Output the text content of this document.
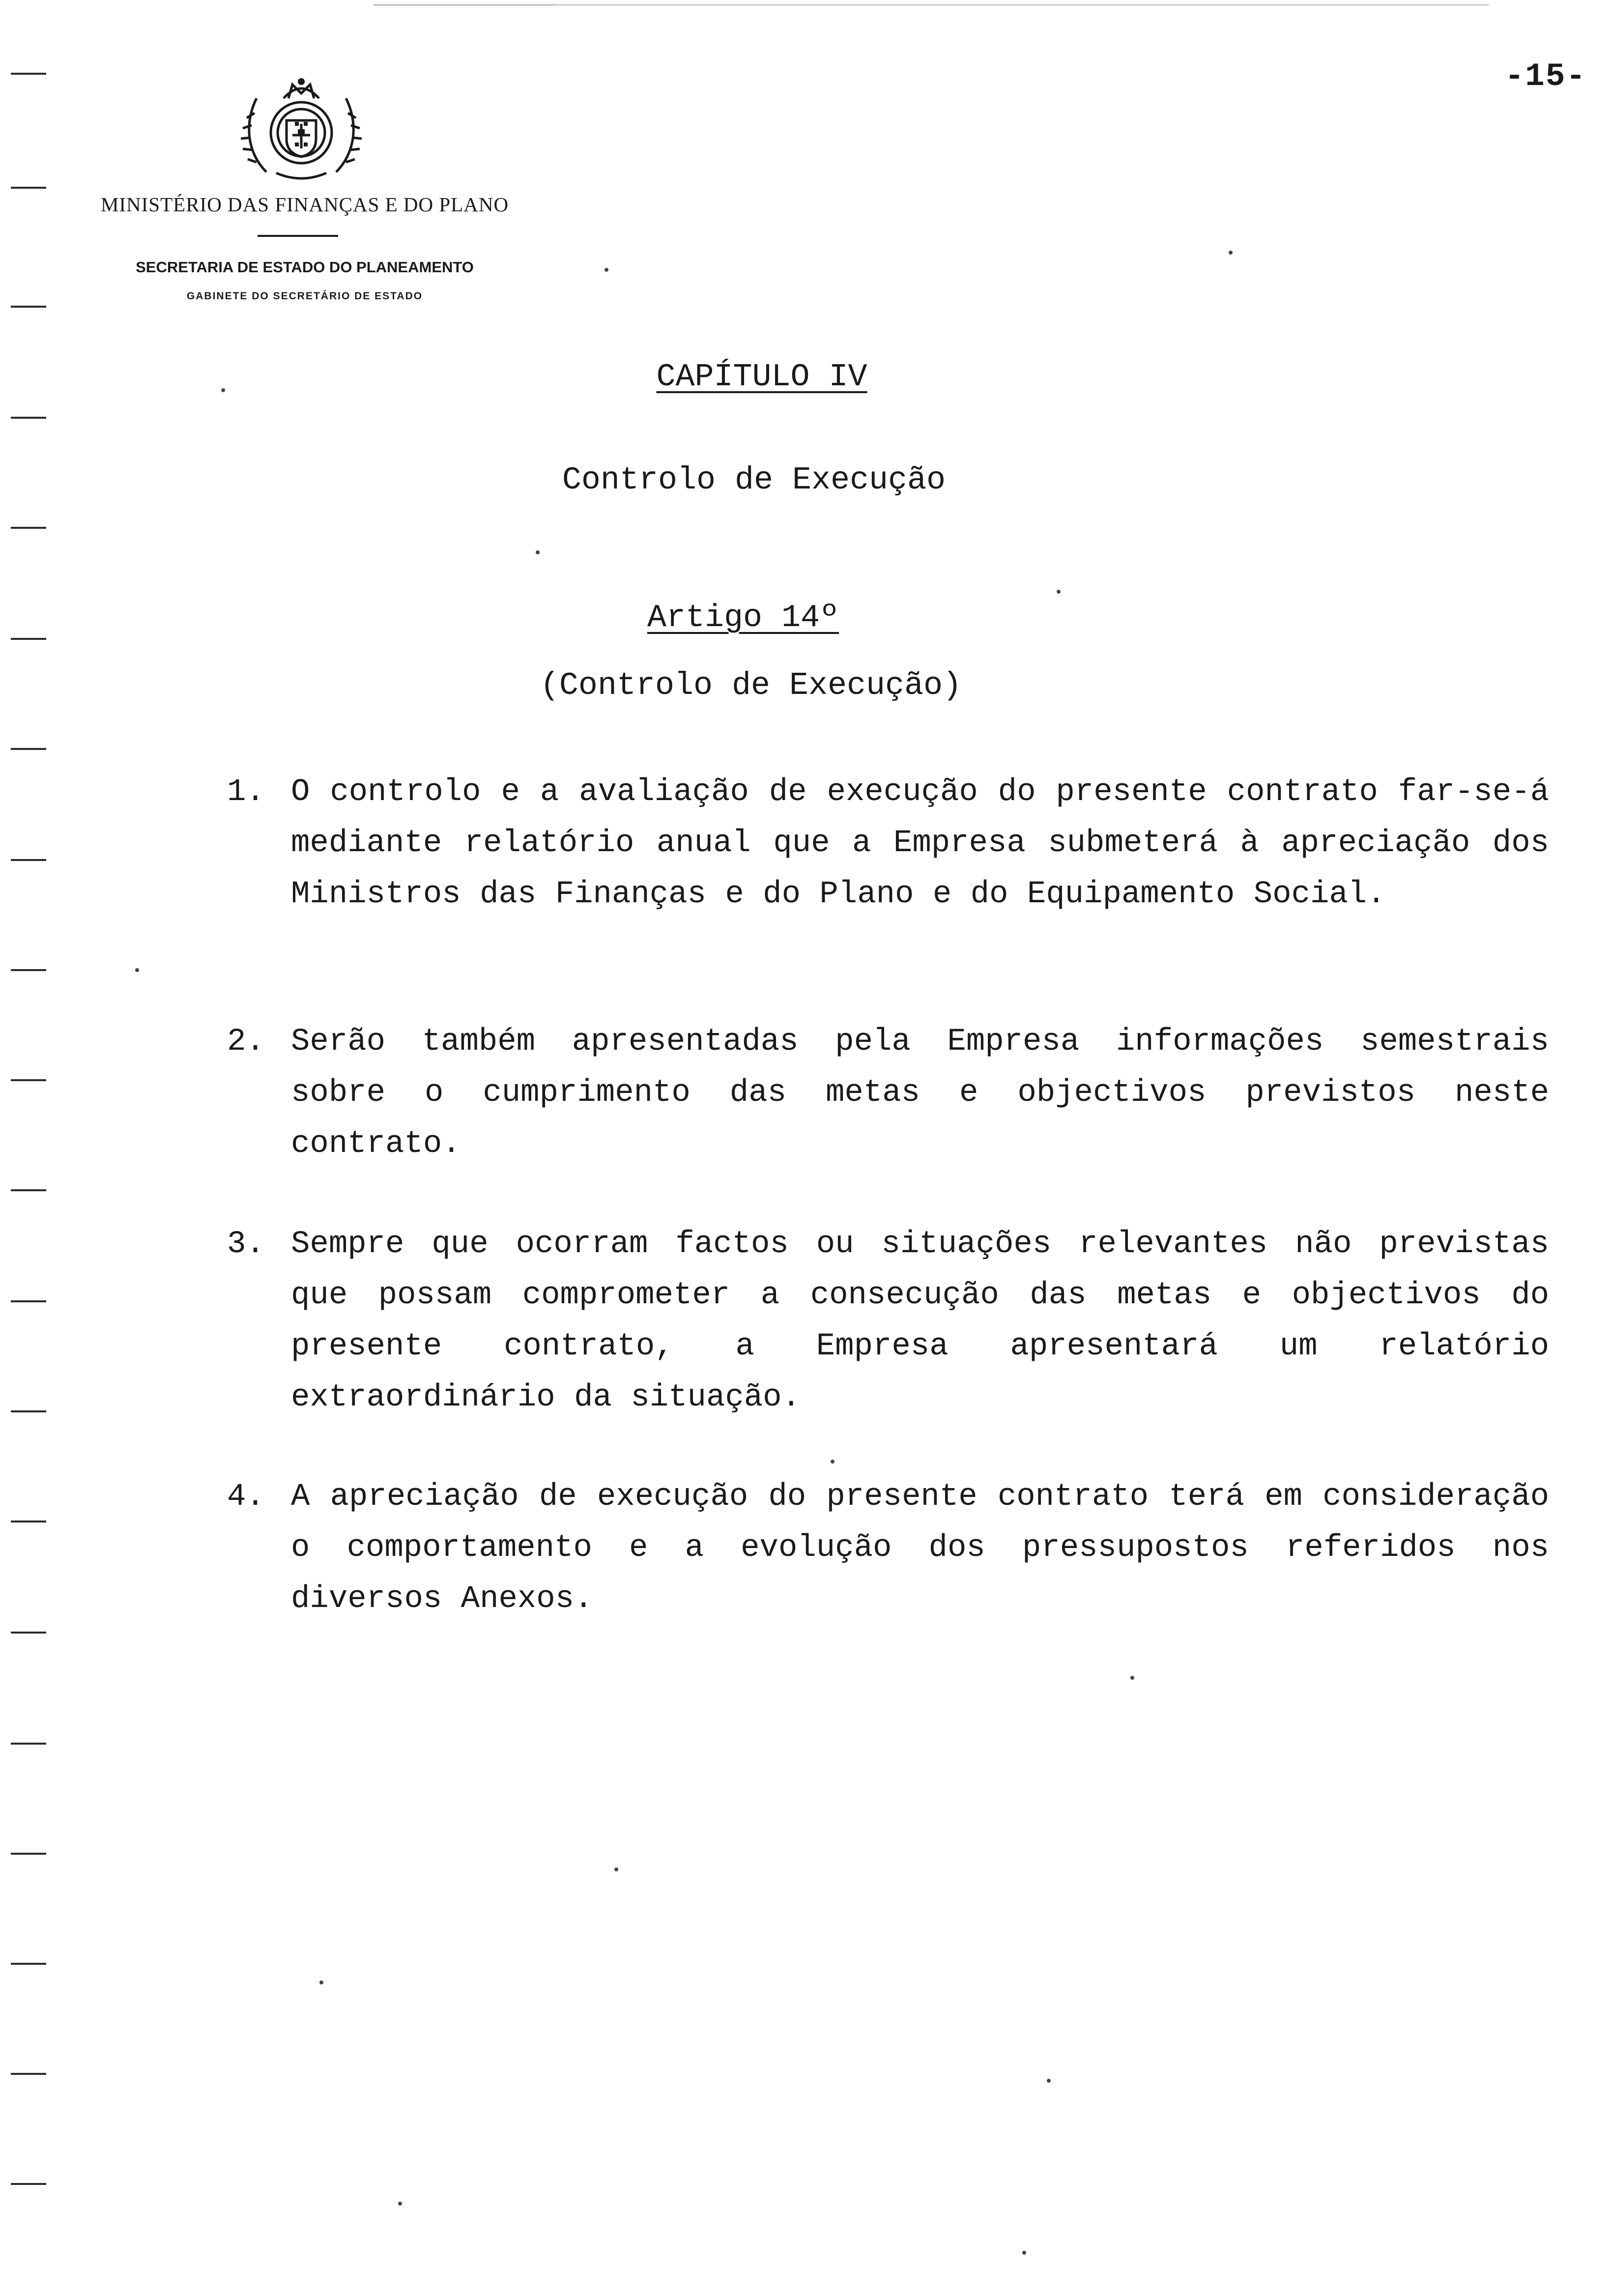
-15-
MINISTÉRIO DAS FINANÇAS E DO PLANO
SECRETARIA DE ESTADO DO PLANEAMENTO
GABINETE DO SECRETÁRIO DE ESTADO
CAPÍTULO IV
Controlo de Execução
Artigo 14º
(Controlo de Execução)
1. O controlo e a avaliação de execução do presente contrato far-se-á mediante relatório anual que a Empresa submeterá à apreciação dos Ministros das Finanças e do Plano e do Equipamento Social.
2. Serão também apresentadas pela Empresa informações semestrais sobre o cumprimento das metas e objectivos previstos neste contrato.
3. Sempre que ocorram factos ou situações relevantes não previstas que possam comprometer a consecução das metas e objectivos do presente contrato, a Empresa apresentará um relatório extraordinário da situação.
4. A apreciação de execução do presente contrato terá em consideração o comportamento e a evolução dos pressupostos referidos nos diversos Anexos.
